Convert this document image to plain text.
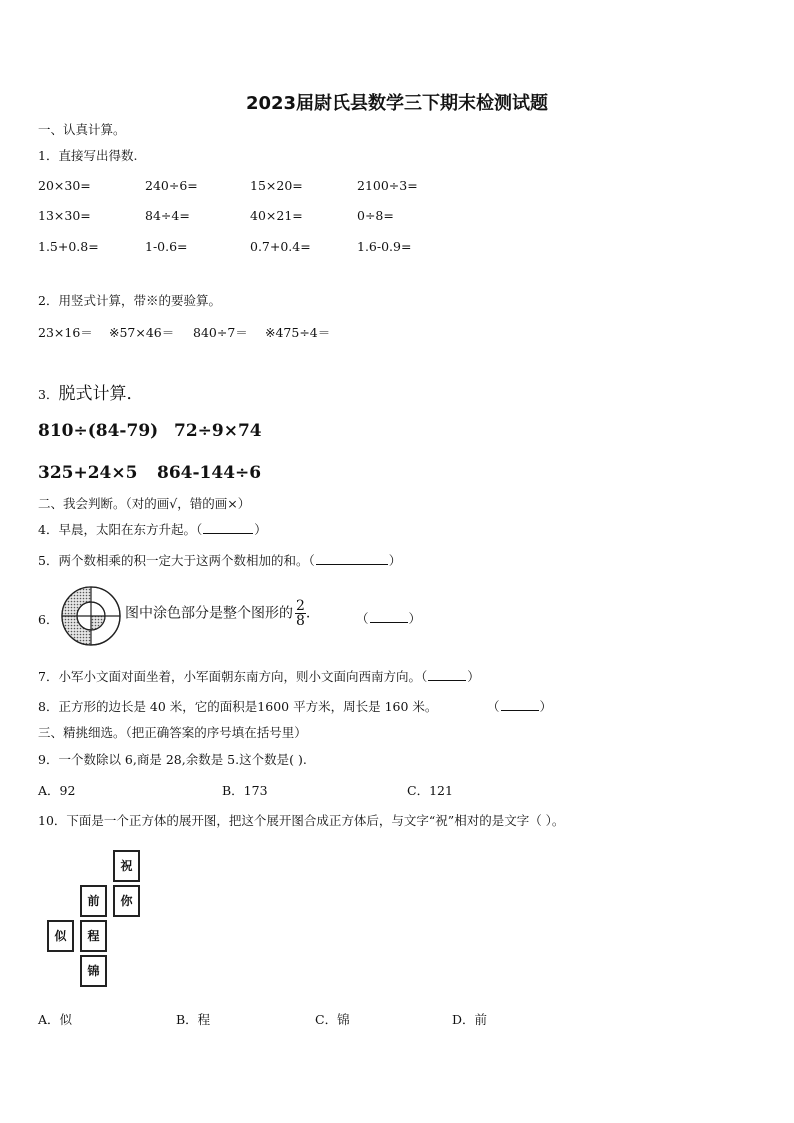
2023届尉氏县数学三下期末检测试题
一、认真计算。
1．直接写出得数.
20×30=	240÷6=	15×20=	2100÷3=
13×30=	84÷4=	40×21=	0÷8=
1.5+0.8=	1-0.6=	0.7+0.4=	1.6-0.9=
2．用竖式计算，带※的要验算。
23×16＝ ※57×46＝ 840÷7＝ ※475÷4＝
3．脱式计算．
810÷(84-79) 72÷9×74
325+24×5 864-144÷6
二、我会判断。（对的画√，错的画×）
4．早晨，太阳在东方升起。（	）
5．两个数相乘的积一定大于这两个数相加的和。（	）
6．	图中涂色部分是整个图形的 $\frac{2}{8}$ .	（	）
7．小军小文面对面坐着，小军面朝东南方向，则小文面向西南方向。（	）
8．正方形的边长是 40 米，它的面积是1600 平方米，周长是 160 米。	（	）
三、精挑细选。（把正确答案的序号填在括号里）
9．一个数除以 6,商是 28,余数是 5.这个数是( ).
A．92	B．173	C．121
10．下面是一个正方体的展开图，把这个展开图合成正方体后，与文字“祝”相对的是文字（ ）。
祝
前	你
似	程
锦
A．似	B．程	C．锦	D．前
